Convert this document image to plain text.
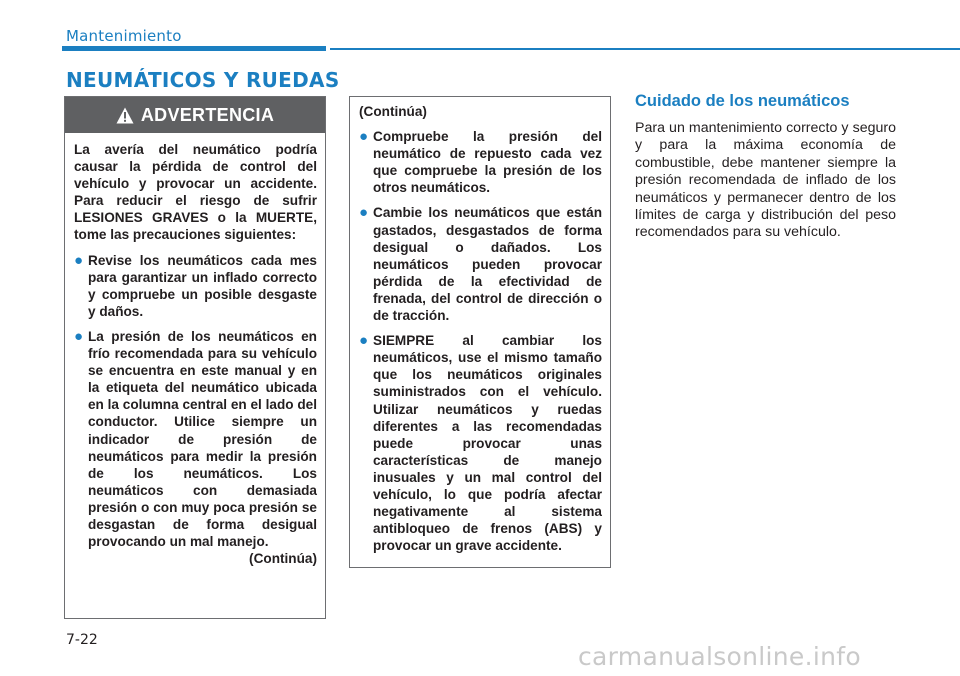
Mantenimiento
NEUMÁTICOS Y RUEDAS
ADVERTENCIA

La avería del neumático podría causar la pérdida de control del vehículo y provocar un accidente. Para reducir el riesgo de sufrir LESIONES GRAVES o la MUERTE, tome las precauciones siguientes:

● Revise los neumáticos cada mes para garantizar un inflado correcto y compruebe un posible desgaste y daños.
● La presión de los neumáticos en frío recomendada para su vehículo se encuentra en este manual y en la etiqueta del neumático ubicada en la columna central en el lado del conductor. Utilice siempre un indicador de presión de neumáticos para medir la presión de los neumáticos. Los neumáticos con demasiada presión o con muy poca presión se desgastan de forma desigual provocando un mal manejo.

(Continúa)

(Continúa)

● Compruebe la presión del neumático de repuesto cada vez que compruebe la presión de los otros neumáticos.
● Cambie los neumáticos que están gastados, desgastados de forma desigual o dañados. Los neumáticos pueden provocar pérdida de la efectividad de frenada, del control de dirección o de tracción.
● SIEMPRE al cambiar los neumáticos, use el mismo tamaño que los neumáticos originales suministrados con el vehículo. Utilizar neumáticos y ruedas diferentes a las recomendadas puede provocar unas características de manejo inusuales y un mal control del vehículo, lo que podría afectar negativamente al sistema antibloqueo de frenos (ABS) y provocar un grave accidente.
Cuidado de los neumáticos

Para un mantenimiento correcto y seguro y para la máxima economía de combustible, debe mantener siempre la presión recomendada de inflado de los neumáticos y permanecer dentro de los límites de carga y distribución del peso recomendados para su vehículo.

7-22
carmanualsonline.info
